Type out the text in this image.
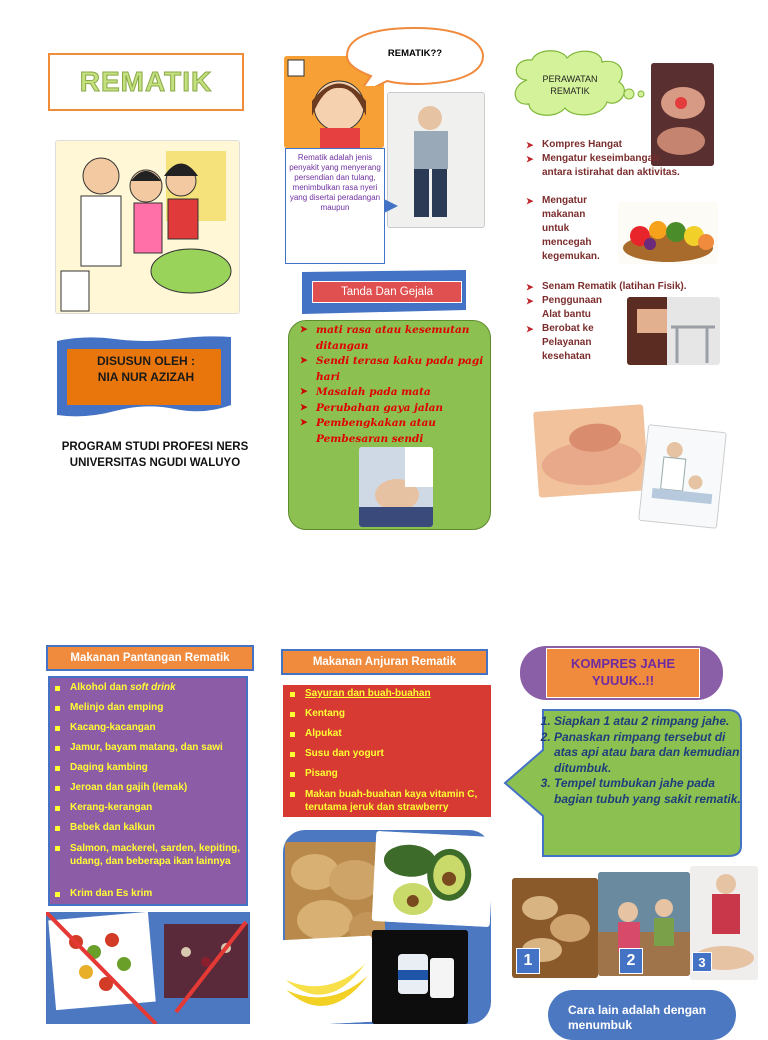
REMATIK
DISUSUN OLEH :
NIA NUR AZIZAH
PROGRAM STUDI PROFESI NERS
UNIVERSITAS NGUDI WALUYO
REMATIK??
Rematik adalah jenis penyakit yang menyerang persendian dan tulang, menimbulkan rasa nyeri yang disertai peradangan maupun
Tanda Dan Gejala
➤ mati rasa atau kesemutan ditangan
➤ Sendi terasa kaku pada pagi hari
➤ Masalah pada mata
➤ Perubahan gaya jalan
➤ Pembengkakan atau Pembesaran sendi
PERAWATAN
REMATIK
➤ Kompres Hangat
➤ Mengatur keseimbangan antara istirahat dan aktivitas.
➤ Mengatur makanan untuk mencegah kegemukan.
➤ Senam Rematik (latihan Fisik).
➤ Penggunaan Alat bantu
➤ Berobat ke Pelayanan kesehatan
Makanan Pantangan Rematik
Alkohol dan soft drink
Melinjo dan emping
Kacang-kacangan
Jamur, bayam matang, dan sawi
Daging kambing
Jeroan dan gajih (lemak)
Kerang-kerangan
Bebek dan kalkun
Salmon, mackerel, sarden, kepiting, udang, dan beberapa ikan lainnya
Krim dan Es krim
Makanan Anjuran Rematik
Sayuran dan buah-buahan
Kentang
Alpukat
Susu dan yogurt
Pisang
Makan buah-buahan kaya vitamin C, terutama jeruk dan strawberry
KOMPRES JAHE YUUUK..!!
1. Siapkan 1 atau 2 rimpang jahe.
2. Panaskan rimpang tersebut di atas api atau bara dan kemudian ditumbuk.
3. Tempel tumbukan jahe pada bagian tubuh yang sakit rematik.
1	2	3
Cara lain adalah dengan menumbuk
